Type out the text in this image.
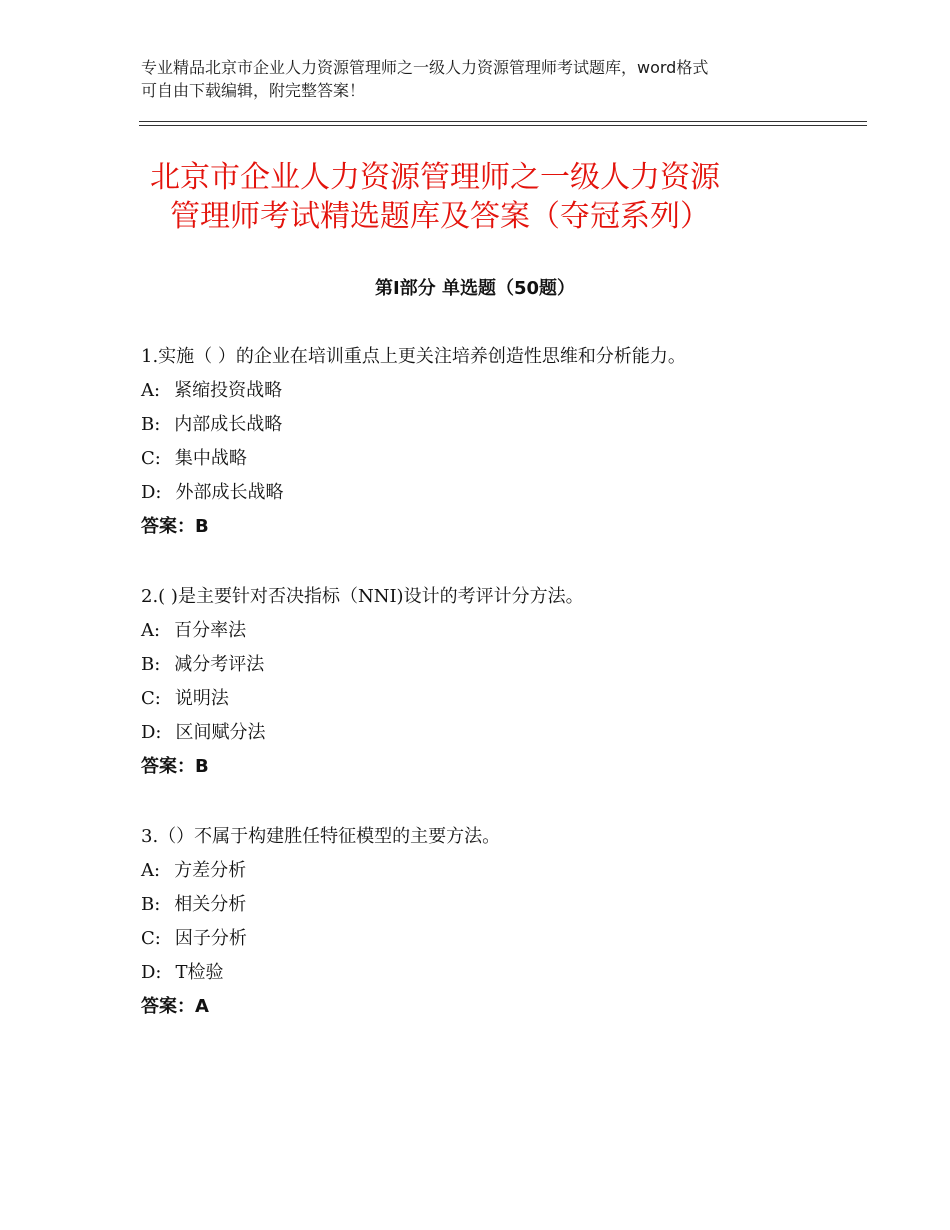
专业精品北京市企业人力资源管理师之一级人力资源管理师考试题库，word格式
可自由下载编辑，附完整答案！
北京市企业人力资源管理师之一级人力资源
管理师考试精选题库及答案（夺冠系列）
第Ⅰ部分 单选题（50题）
1.实施（ ）的企业在培训重点上更关注培养创造性思维和分析能力。
A: 紧缩投资战略
B: 内部成长战略
C: 集中战略
D: 外部成长战略
答案：B
2.( )是主要针对否决指标（NNI)设计的考评计分方法。
A: 百分率法
B: 减分考评法
C: 说明法
D: 区间赋分法
答案：B
3.（）不属于构建胜任特征模型的主要方法。
A: 方差分析
B: 相关分析
C: 因子分析
D: T检验
答案：A
